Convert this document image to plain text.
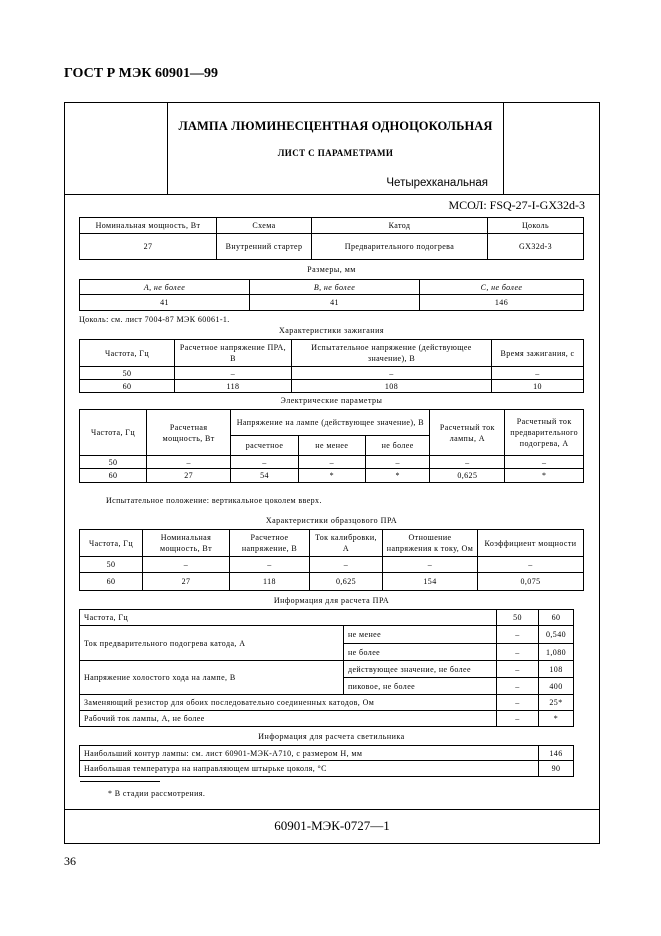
ГОСТ Р МЭК 60901—99
ЛАМПА ЛЮМИНЕСЦЕНТНАЯ ОДНОЦОКОЛЬНАЯ
ЛИСТ С ПАРАМЕТРАМИ
Четырехканальная
МСОЛ: FSQ-27-I-GX32d-3
Номинальная мощность, Вт	Схема	Катод	Цоколь
27	Внутренний стартер	Предварительного подогрева	GX32d-3
Размеры, мм
A, не более	B, не более	C, не более
41	41	146
Цоколь: см. лист 7004-87 МЭК 60061-1.
Характеристики зажигания
Частота, Гц	Расчетное напряжение ПРА, В	Испытательное напряжение (действующее значение), В	Время зажигания, с
50	–	–	–
60	118	108	10
Электрические параметры
Частота, Гц	Расчетная мощность, Вт	Напряжение на лампе (действующее значение), В			Расчетный ток лампы, А	Расчетный ток предварительного подогрева, А
		расчетное	не менее	не более		
50	–	–	–	–	–	–
60	27	54	*	*	0,625	*
Испытательное положение: вертикальное цоколем вверх.
Характеристики образцового ПРА
Частота, Гц	Номинальная мощность, Вт	Расчетное напряжение, В	Ток калибровки, А	Отношение напряжения к току, Ом	Коэффициент мощности
50	–	–	–	–	–
60	27	118	0,625	154	0,075
Информация для расчета ПРА
Частота, Гц		50	60
Ток предварительного подогрева катода, А	не менее	–	0,540
	не более	–	1,080
Напряжение холостого хода на лампе, В	действующее значение, не более	–	108
	пиковое, не более	–	400
Заменяющий резистор для обоих последовательно соединенных катодов, Ом		–	25*
Рабочий ток лампы, А, не более		–	*
Информация для расчета светильника
Наибольший контур лампы: см. лист 60901-МЭК-А710, с размером H, мм	146
Наибольшая температура на направляющем штырьке цоколя, °С	90
* В стадии рассмотрения.
60901-МЭК-0727—1
36
